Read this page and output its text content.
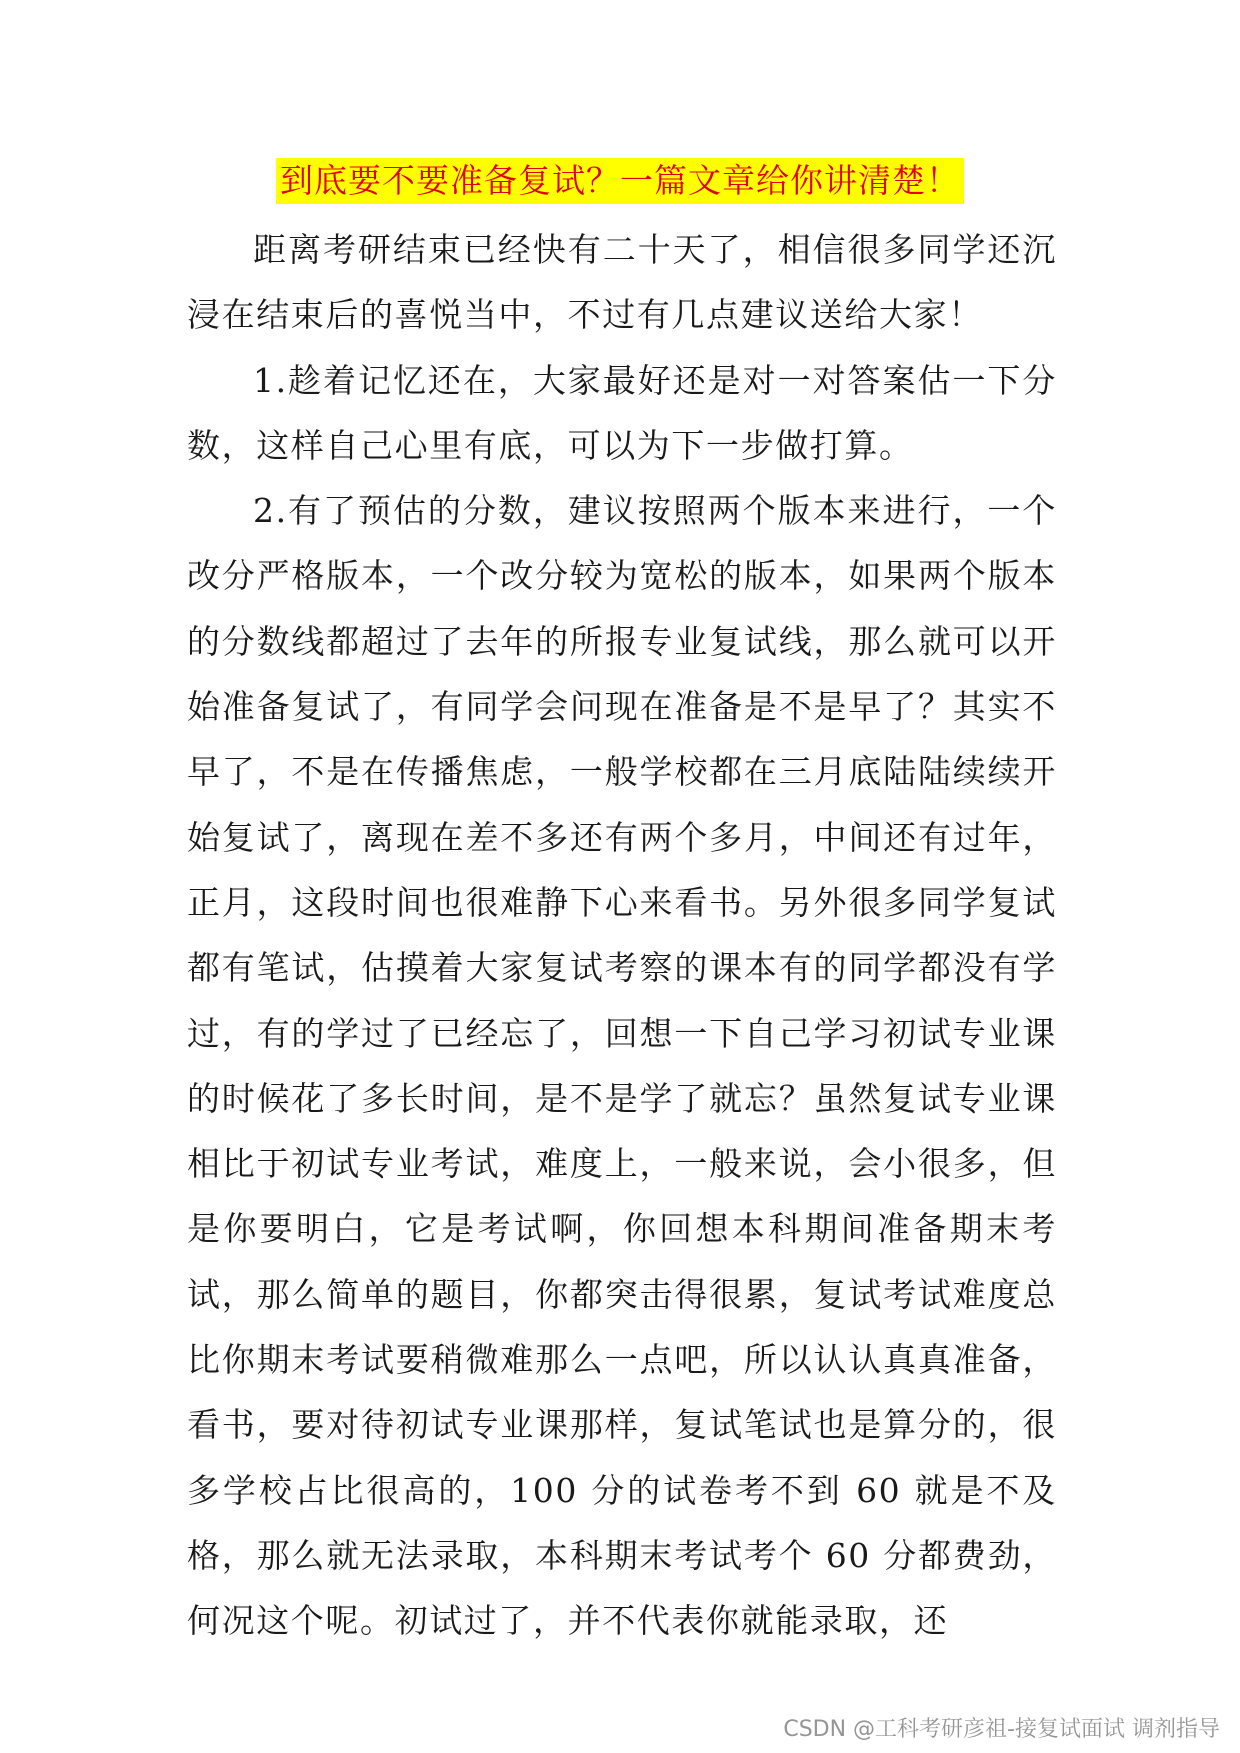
到底要不要准备复试？一篇文章给你讲清楚！

距离考研结束已经快有二十天了，相信很多同学还沉浸在结束后的喜悦当中，不过有几点建议送给大家！

1.趁着记忆还在，大家最好还是对一对答案估一下分数，这样自己心里有底，可以为下一步做打算。

2.有了预估的分数，建议按照两个版本来进行，一个改分严格版本，一个改分较为宽松的版本，如果两个版本的分数线都超过了去年的所报专业复试线，那么就可以开始准备复试了，有同学会问现在准备是不是早了？其实不早了，不是在传播焦虑，一般学校都在三月底陆陆续续开始复试了，离现在差不多还有两个多月，中间还有过年，正月，这段时间也很难静下心来看书。另外很多同学复试都有笔试，估摸着大家复试考察的课本有的同学都没有学过，有的学过了已经忘了，回想一下自己学习初试专业课的时候花了多长时间，是不是学了就忘？虽然复试专业课相比于初试专业考试，难度上，一般来说，会小很多，但是你要明白，它是考试啊，你回想本科期间准备期末考试，那么简单的题目，你都突击得很累，复试考试难度总比你期末考试要稍微难那么一点吧，所以认认真真准备，看书，要对待初试专业课那样，复试笔试也是算分的，很多学校占比很高的，100 分的试卷考不到 60 就是不及格，那么就无法录取，本科期末考试考个 60 分都费劲，何况这个呢。初试过了，并不代表你就能录取，还

CSDN @工科考研彦祖-接复试面试 调剂指导
